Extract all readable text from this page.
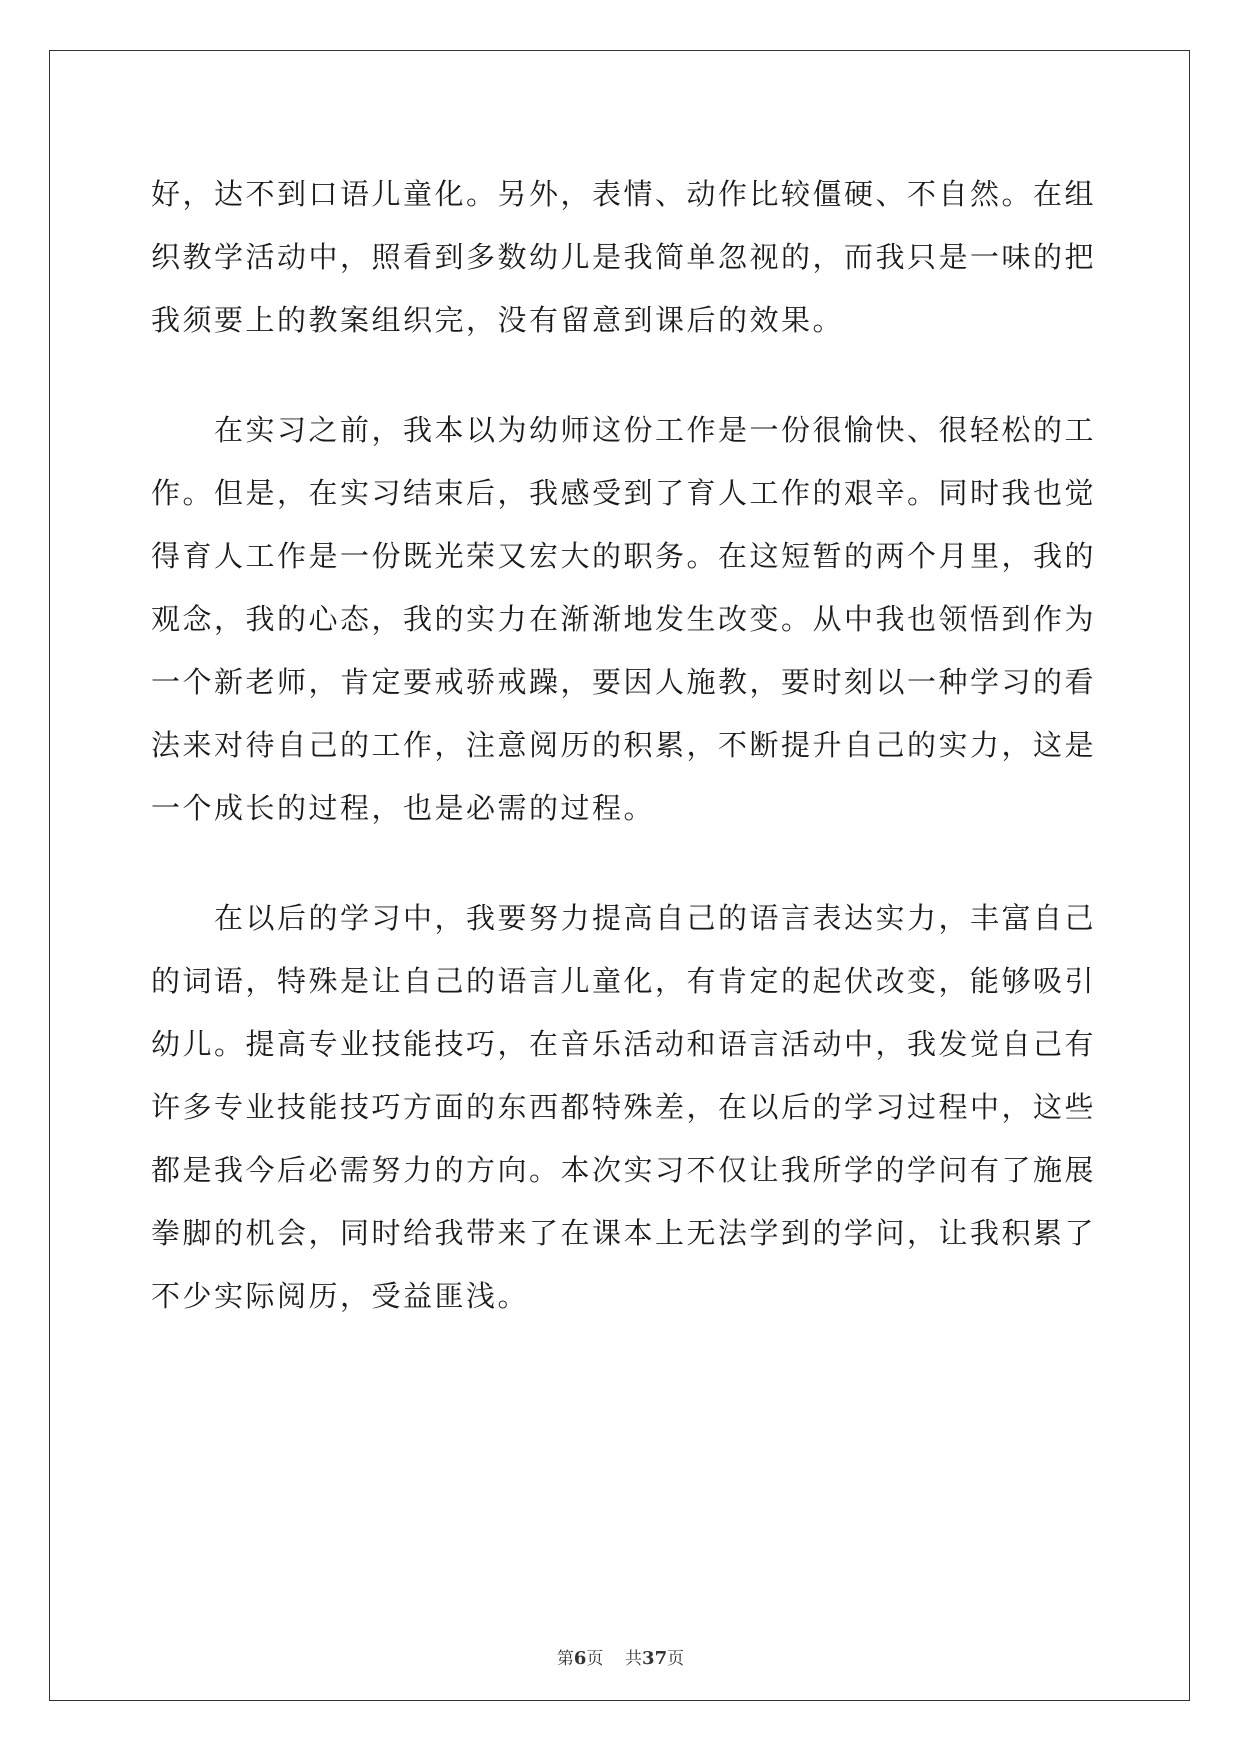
好，达不到口语儿童化。另外，表情、动作比较僵硬、不自然。在组
织教学活动中，照看到多数幼儿是我简单忽视的，而我只是一味的把
我须要上的教案组织完，没有留意到课后的效果。
　　在实习之前，我本以为幼师这份工作是一份很愉快、很轻松的工
作。但是，在实习结束后，我感受到了育人工作的艰辛。同时我也觉
得育人工作是一份既光荣又宏大的职务。在这短暂的两个月里，我的
观念，我的心态，我的实力在渐渐地发生改变。从中我也领悟到作为
一个新老师，肯定要戒骄戒躁，要因人施教，要时刻以一种学习的看
法来对待自己的工作，注意阅历的积累，不断提升自己的实力，这是
一个成长的过程，也是必需的过程。
　　在以后的学习中，我要努力提高自己的语言表达实力，丰富自己
的词语，特殊是让自己的语言儿童化，有肯定的起伏改变，能够吸引
幼儿。提高专业技能技巧，在音乐活动和语言活动中，我发觉自己有
许多专业技能技巧方面的东西都特殊差，在以后的学习过程中，这些
都是我今后必需努力的方向。本次实习不仅让我所学的学问有了施展
拳脚的机会，同时给我带来了在课本上无法学到的学问，让我积累了
不少实际阅历，受益匪浅。
第6页 共37页
